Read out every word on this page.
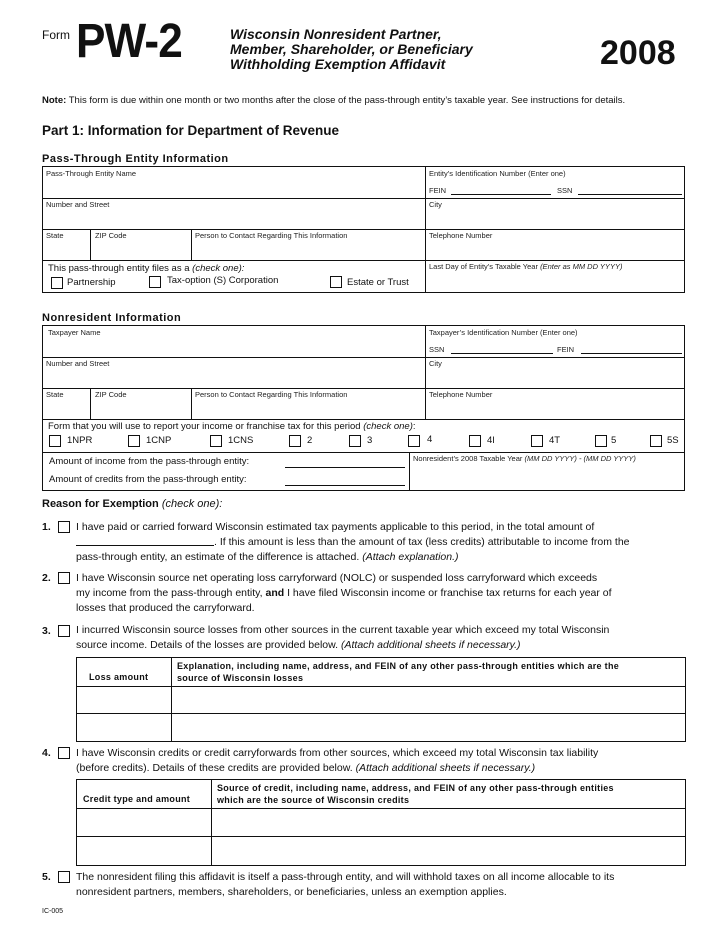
Form PW-2	Wisconsin Nonresident Partner,
Member, Shareholder, or Beneficiary
Withholding Exemption Affidavit	2008
Note: This form is due within one month or two months after the close of the pass-through entity’s taxable year. See instructions for details.
Part 1: Information for Department of Revenue
Pass-Through Entity Information
Pass-Through Entity Name	Entity’s Identification Number (Enter one)
FEIN	SSN
Number and Street	City
State	ZIP Code	Person to Contact Regarding This Information	Telephone Number
This pass-through entity files as a (check one):
Partnership	Tax-option (S) Corporation	Estate or Trust
Last Day of Entity’s Taxable Year (Enter as MM DD YYYY)
Nonresident Information
Taxpayer Name	Taxpayer’s Identification Number (Enter one)
SSN	FEIN
Number and Street	City
State	ZIP Code	Person to Contact Regarding This Information	Telephone Number
Form that you will use to report your income or franchise tax for this period (check one):
1NPR	1CNP	1CNS	2	3	4	4I	4T	5	5S
Amount of income from the pass-through entity:
Amount of credits from the pass-through entity:
Nonresident’s 2008 Taxable Year (MM DD YYYY) - (MM DD YYYY)
Reason for Exemption (check one):
1. I have paid or carried forward Wisconsin estimated tax payments applicable to this period, in the total amount of
. If this amount is less than the amount of tax (less credits) attributable to income from the
pass-through entity, an estimate of the difference is attached. (Attach explanation.)
2. I have Wisconsin source net operating loss carryforward (NOLC) or suspended loss carryforward which exceeds
my income from the pass-through entity, and I have filed Wisconsin income or franchise tax returns for each year of
losses that produced the carryforward.
3. I incurred Wisconsin source losses from other sources in the current taxable year which exceed my total Wisconsin
source income. Details of the losses are provided below. (Attach additional sheets if necessary.)
Loss amount
Explanation, including name, address, and FEIN of any other pass-through entities which are the
source of Wisconsin losses
4. I have Wisconsin credits or credit carryforwards from other sources, which exceed my total Wisconsin tax liability
(before credits). Details of these credits are provided below. (Attach additional sheets if necessary.)
Credit type and amount
Source of credit, including name, address, and FEIN of any other pass-through entities
which are the source of Wisconsin credits
5. The nonresident filing this affidavit is itself a pass-through entity, and will withhold taxes on all income allocable to its
nonresident partners, members, shareholders, or beneficiaries, unless an exemption applies.
IC-005
